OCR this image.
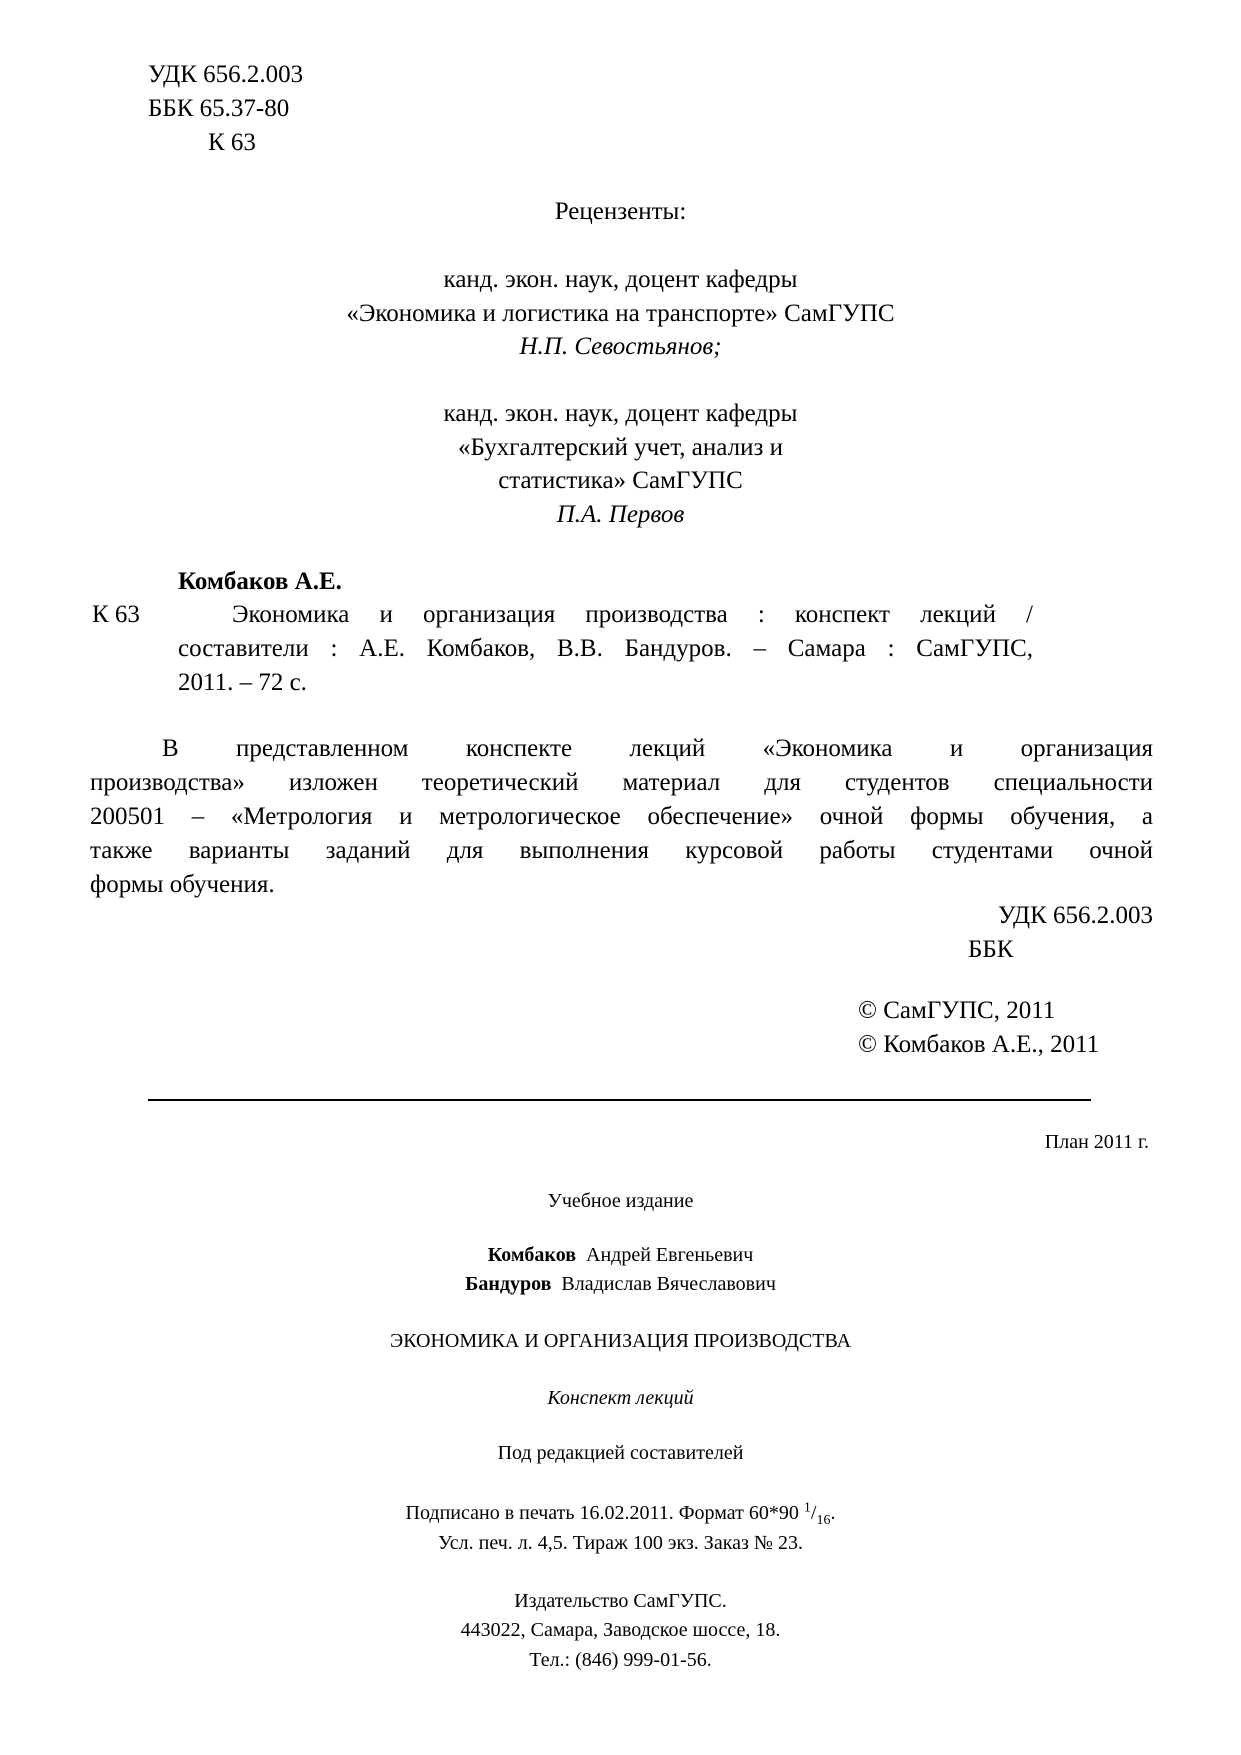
УДК 656.2.003
ББК 65.37-80
К 63
Рецензенты:
канд. экон. наук, доцент кафедры
«Экономика и логистика на транспорте» СамГУПС
Н.П. Севостьянов;
канд. экон. наук, доцент кафедры
«Бухгалтерский учет, анализ и
статистика» СамГУПС
П.А. Первов
Комбаков А.Е.
К 63	Экономика и организация производства : конспект лекций /
составители : А.Е. Комбаков, В.В. Бандуров. – Самара : СамГУПС,
2011. – 72 с.
В представленном конспекте лекций «Экономика и организация
производства» изложен теоретический материал для студентов специальности
200501 – «Метрология и метрологическое обеспечение» очной формы обучения, а
также варианты заданий для выполнения курсовой работы студентами очной
формы обучения.
УДК 656.2.003
ББК
© СамГУПС, 2011
© Комбаков А.Е., 2011
План 2011 г.
Учебное издание
Комбаков Андрей Евгеньевич
Бандуров Владислав Вячеславович
ЭКОНОМИКА И ОРГАНИЗАЦИЯ ПРОИЗВОДСТВА
Конспект лекций
Под редакцией составителей
Подписано в печать 16.02.2011. Формат 60*90 $^1/_{16}$.
Усл. печ. л. 4,5. Тираж 100 экз. Заказ № 23.
Издательство СамГУПС.
443022, Самара, Заводское шоссе, 18.
Тел.: (846) 999-01-56.
